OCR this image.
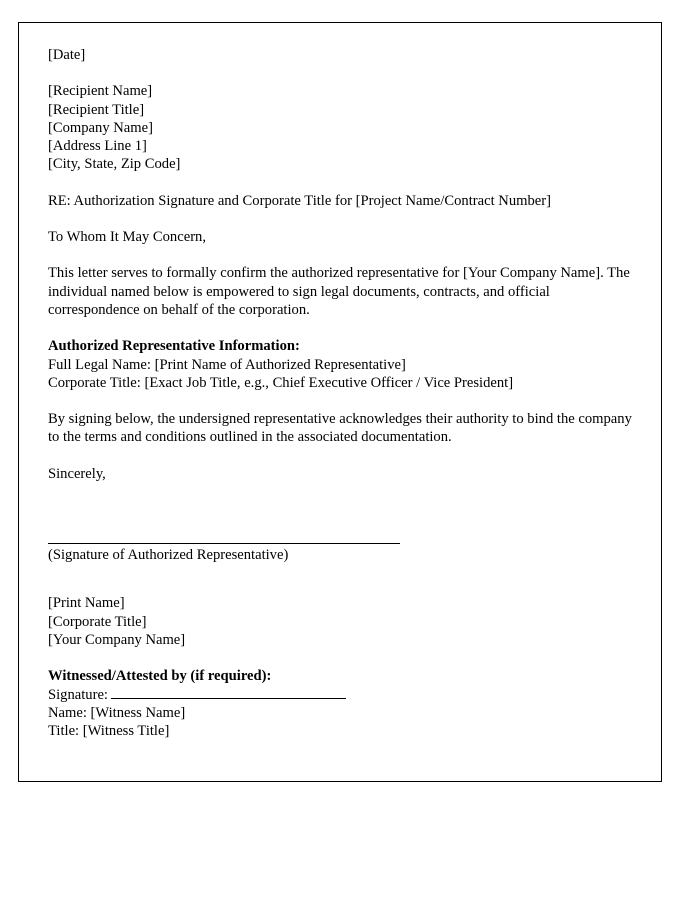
[Date]
[Recipient Name]
[Recipient Title]
[Company Name]
[Address Line 1]
[City, State, Zip Code]
RE: Authorization Signature and Corporate Title for [Project Name/Contract Number]
To Whom It May Concern,
This letter serves to formally confirm the authorized representative for [Your Company Name]. The individual named below is empowered to sign legal documents, contracts, and official correspondence on behalf of the corporation.
Authorized Representative Information:
Full Legal Name: [Print Name of Authorized Representative]
Corporate Title: [Exact Job Title, e.g., Chief Executive Officer / Vice President]
By signing below, the undersigned representative acknowledges their authority to bind the company to the terms and conditions outlined in the associated documentation.
Sincerely,
(Signature of Authorized Representative)
[Print Name]
[Corporate Title]
[Your Company Name]
Witnessed/Attested by (if required):
Signature:
Name: [Witness Name]
Title: [Witness Title]
